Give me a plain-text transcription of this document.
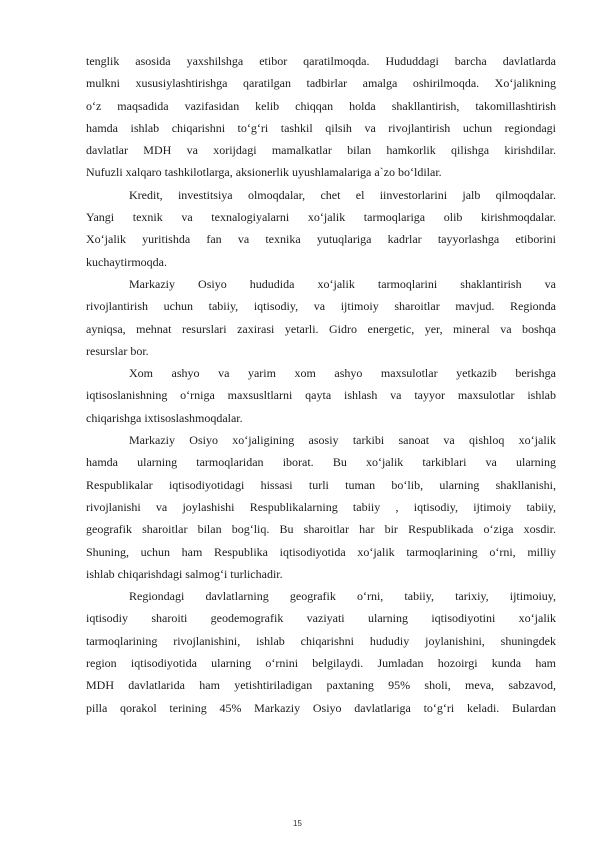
tenglik asosida yaxshilshga etibor qaratilmoqda. Hududdagi barcha davlatlarda
mulkni xususiylashtirishga qaratilgan tadbirlar amalga oshirilmoqda. Xo‘jalikning
o‘z maqsadida vazifasidan kelib chiqqan holda shakllantirish, takomillashtirish
hamda ishlab chiqarishni to‘g‘ri tashkil qilsih va rivojlantirish uchun regiondagi
davlatlar MDH va xorijdagi mamalkatlar bilan hamkorlik qilishga kirishdilar.
Nufuzli xalqaro tashkilotlarga, aksionerlik uyushlamalariga a`zo bo‘ldilar.
Kredit, investitsiya olmoqdalar, chet el iinvestorlarini jalb qilmoqdalar.
Yangi texnik va texnalogiyalarni xo‘jalik tarmoqlariga olib kirishmoqdalar.
Xo‘jalik yuritishda fan va texnika yutuqlariga kadrlar tayyorlashga etiborini
kuchaytirmoqda.
Markaziy Osiyo hududida xo‘jalik tarmoqlarini shaklantirish va
rivojlantirish uchun tabiiy, iqtisodiy, va ijtimoiy sharoitlar mavjud. Regionda
ayniqsa, mehnat resurslari zaxirasi yetarli. Gidro energetic, yer, mineral va boshqa
resurslar bor.
Xom ashyo va yarim xom ashyo maxsulotlar yetkazib berishga
iqtisoslanishning o‘rniga maxsusltlarni qayta ishlash va tayyor maxsulotlar ishlab
chiqarishga ixtisoslashmoqdalar.
Markaziy Osiyo xo‘jaligining asosiy tarkibi sanoat va qishloq xo‘jalik
hamda ularning tarmoqlaridan iborat. Bu xo‘jalik tarkiblari va ularning
Respublikalar iqtisodiyotidagi hissasi turli tuman bo‘lib, ularning shakllanishi,
rivojlanishi va joylashishi Respublikalarning tabiiy , iqtisodiy, ijtimoiy tabiiy,
geografik sharoitlar bilan bog‘liq. Bu sharoitlar har bir Respublikada o‘ziga xosdir.
Shuning, uchun ham Respublika iqtisodiyotida xo‘jalik tarmoqlarining o‘rni, milliy
ishlab chiqarishdagi salmog‘i turlichadir.
Regiondagi davlatlarning geografik o‘rni, tabiiy, tarixiy, ijtimoiuy,
iqtisodiy sharoiti geodemografik vaziyati ularning iqtisodiyotini xo‘jalik
tarmoqlarining rivojlanishini, ishlab chiqarishni hududiy joylanishini, shuningdek
region iqtisodiyotida ularning o‘rnini belgilaydi. Jumladan hozoirgi kunda ham
MDH davlatlarida ham yetishtiriladigan paxtaning 95% sholi, meva, sabzavod,
pilla qorakol terining 45% Markaziy Osiyo davlatlariga to‘g‘ri keladi. Bulardan
15
